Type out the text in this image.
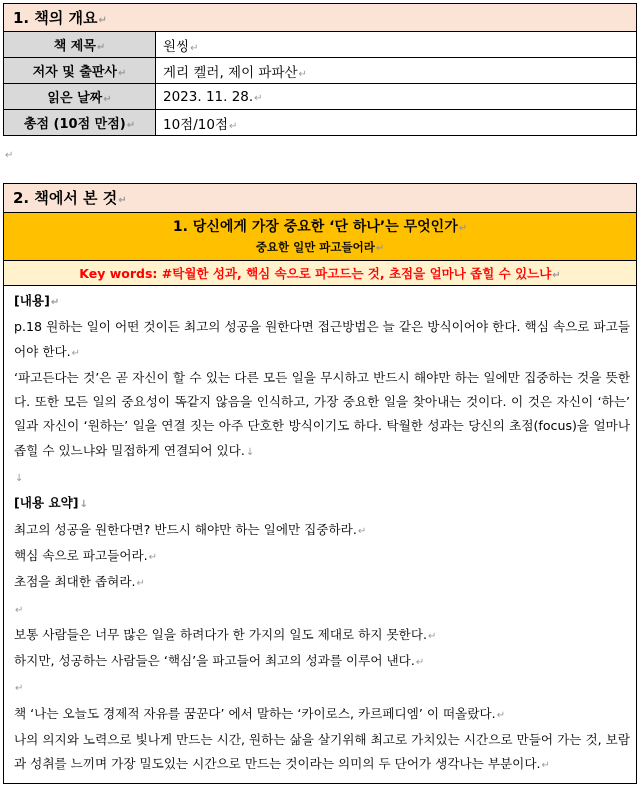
1. 책의 개요↵	
책 제목↵	원씽↵
저자 및 출판사↵	게리 켈러, 제이 파파산↵
읽은 날짜↵	2023. 11. 28.↵
총점 (10점 만점)↵	10점/10점↵
↵
2. 책에서 본 것↵
1. 당신에게 가장 중요한 ‘단 하나’는 무엇인가↵
중요한 일만 파고들어라↵
Key words: #탁월한 성과, 핵심 속으로 파고드는 것, 초점을 얼마나 좁힐 수 있느냐↵

[내용]↵

p.18 원하는 일이 어떤 것이든 최고의 성공을 원한다면 접근방법은 늘 같은 방식이어야 한다. 핵심 속으로 파고들어야 한다.↵

‘파고든다는 것’은 곧 자신이 할 수 있는 다른 모든 일을 무시하고 반드시 해야만 하는 일에만 집중하는 것을 뜻한다. 또한 모든 일의 중요성이 똑같지 않음을 인식하고, 가장 중요한 일을 찾아내는 것이다. 이 것은 자신이 ‘하는’ 일과 자신이 ‘원하는’ 일을 연결 짓는 아주 단호한 방식이기도 하다. 탁월한 성과는 당신의 초점(focus)을 얼마나 좁힐 수 있느냐와 밀접하게 연결되어 있다.↓

↓

[내용 요약]↓

최고의 성공을 원한다면? 반드시 해야만 하는 일에만 집중하라.↵

핵심 속으로 파고들어라.↵

초점을 최대한 좁혀라.↵

↵

보통 사람들은 너무 많은 일을 하려다가 한 가지의 일도 제대로 하지 못한다.↵

하지만, 성공하는 사람들은 ‘핵심’을 파고들어 최고의 성과를 이루어 낸다.↵

↵

책 ‘나는 오늘도 경제적 자유를 꿈꾼다’ 에서 말하는 ‘카이로스, 카르페디엠’ 이 떠올랐다.↵

나의 의지와 노력으로 빛나게 만드는 시간, 원하는 삶을 살기위해 최고로 가치있는 시간으로 만들어 가는 것, 보람과 성취를 느끼며 가장 밀도있는 시간으로 만드는 것이라는 의미의 두 단어가 생각나는 부분이다.↵
